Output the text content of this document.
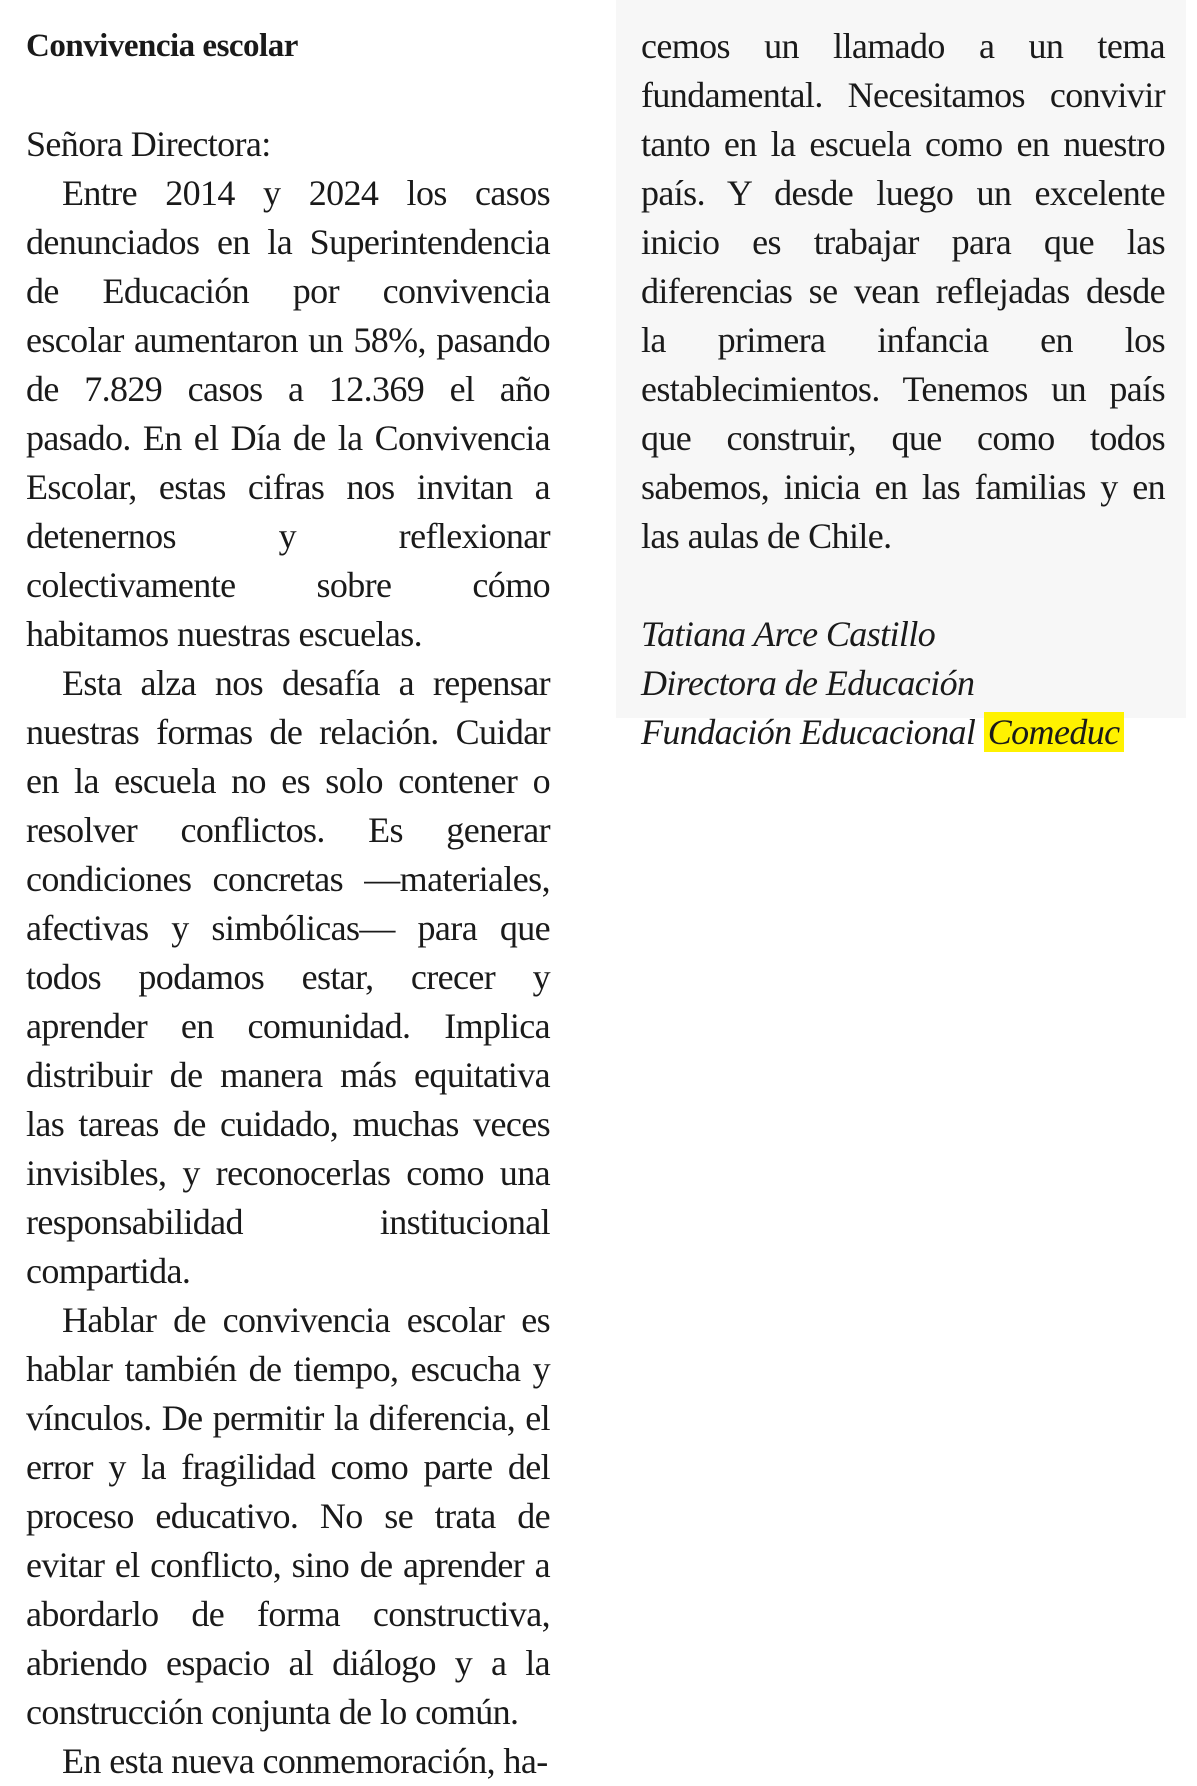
Convivencia escolar

Señora Directora:

Entre 2014 y 2024 los casos denunciados en la Superintendencia de Educación por convivencia escolar aumentaron un 58%, pasando de 7.829 casos a 12.369 el año pasado. En el Día de la Convivencia Escolar, estas cifras nos invitan a detenernos y reflexionar colectivamente sobre cómo habitamos nuestras escuelas.

Esta alza nos desafía a repensar nuestras formas de relación. Cuidar en la escuela no es solo contener o resolver conflictos. Es generar condiciones concretas —materiales, afectivas y simbólicas— para que todos podamos estar, crecer y aprender en comunidad. Implica distribuir de manera más equitativa las tareas de cuidado, muchas veces invisibles, y reconocerlas como una responsabilidad institucional compartida.

Hablar de convivencia escolar es hablar también de tiempo, escucha y vínculos. De permitir la diferencia, el error y la fragilidad como parte del proceso educativo. No se trata de evitar el conflicto, sino de aprender a abordarlo de forma constructiva, abriendo espacio al diálogo y a la construcción conjunta de lo común.

En esta nueva conmemoración, ha-

cemos un llamado a un tema fundamental. Necesitamos convivir tanto en la escuela como en nuestro país. Y desde luego un excelente inicio es trabajar para que las diferencias se vean reflejadas desde la primera infancia en los establecimientos. Tenemos un país que construir, que como todos sabemos, inicia en las familias y en las aulas de Chile.

Tatiana Arce Castillo

Directora de Educación

Fundación Educacional Comeduc
